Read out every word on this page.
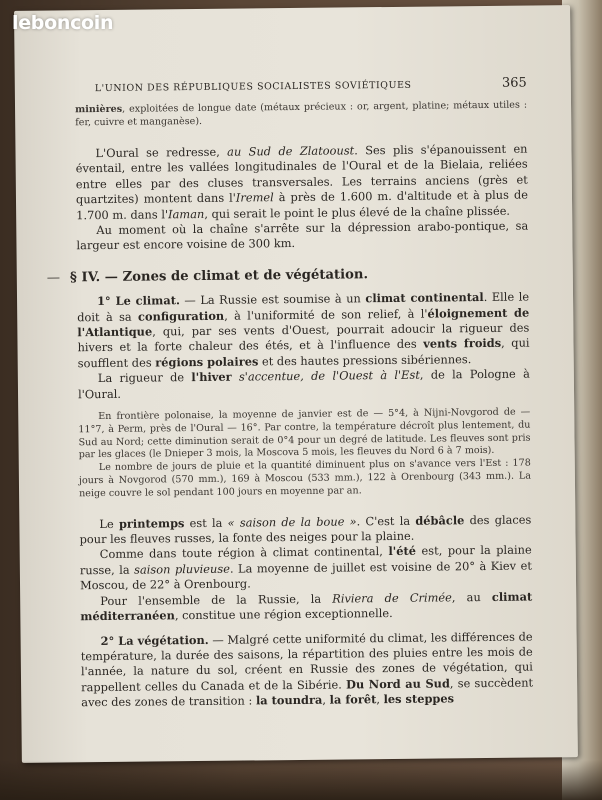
L'UNION DES RÉPUBLIQUES SOCIALISTES SOVIÉTIQUES	365

minières, exploitées de longue date (métaux précieux : or, argent, platine; métaux utiles : fer, cuivre et manganèse).

L'Oural se redresse, au Sud de Zlatooust. Ses plis s'épanouissent en éventail, entre les vallées longitudinales de l'Oural et de la Bielaia, reliées entre elles par des cluses transversales. Les terrains anciens (grès et quartzites) montent dans l'Iremel à près de 1.600 m. d'altitude et à plus de 1.700 m. dans l'Iaman, qui serait le point le plus élevé de la chaîne plissée.

Au moment où la chaîne s'arrête sur la dépression arabo-pontique, sa largeur est encore voisine de 300 km.

— § IV. — Zones de climat et de végétation.

1° Le climat. — La Russie est soumise à un climat continental. Elle le doit à sa configuration, à l'uniformité de son relief, à l'éloignement de l'Atlantique, qui, par ses vents d'Ouest, pourrait adoucir la rigueur des hivers et la forte chaleur des étés, et à l'influence des vents froids, qui soufflent des régions polaires et des hautes pressions sibériennes.

La rigueur de l'hiver s'accentue, de l'Ouest à l'Est, de la Pologne à l'Oural.

En frontière polonaise, la moyenne de janvier est de — 5°4, à Nijni-Novgorod de — 11°7, à Perm, près de l'Oural — 16°. Par contre, la température décroît plus lentement, du Sud au Nord; cette diminution serait de 0°4 pour un degré de latitude. Les fleuves sont pris par les glaces (le Dnieper 3 mois, la Moscova 5 mois, les fleuves du Nord 6 à 7 mois).

Le nombre de jours de pluie et la quantité diminuent plus on s'avance vers l'Est : 178 jours à Novgorod (570 mm.), 169 à Moscou (533 mm.), 122 à Orenbourg (343 mm.). La neige couvre le sol pendant 100 jours en moyenne par an.

Le printemps est la « saison de la boue ». C'est la débâcle des glaces pour les fleuves russes, la fonte des neiges pour la plaine.

Comme dans toute région à climat continental, l'été est, pour la plaine russe, la saison pluvieuse. La moyenne de juillet est voisine de 20° à Kiev et Moscou, de 22° à Orenbourg.

Pour l'ensemble de la Russie, la Riviera de Crimée, au climat méditerranéen, constitue une région exceptionnelle.

2° La végétation. — Malgré cette uniformité du climat, les différences de température, la durée des saisons, la répartition des pluies entre les mois de l'année, la nature du sol, créent en Russie des zones de végétation, qui rappellent celles du Canada et de la Sibérie. Du Nord au Sud, se succèdent avec des zones de transition : la toundra, la forêt, les steppes

leboncoin
